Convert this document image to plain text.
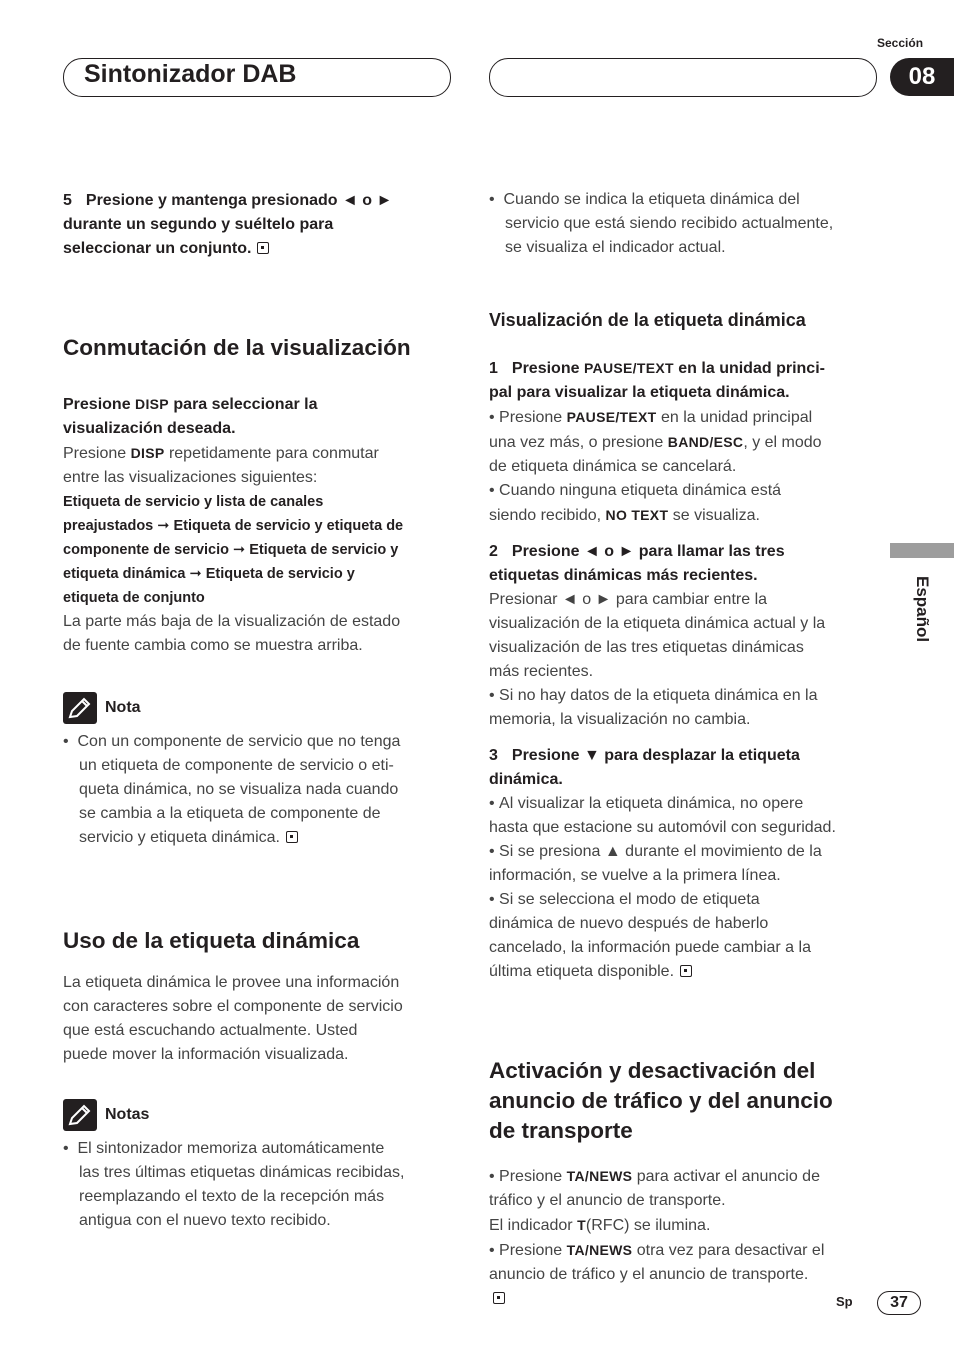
Sintonizador DAB
Sección
08

5 Presione y mantenga presionado ◄ o ►
durante un segundo y suéltelo para
seleccionar un conjunto.

Conmutación de la visualización

Presione DISP para seleccionar la
visualización deseada.

Presione DISP repetidamente para conmutar
entre las visualizaciones siguientes:

Etiqueta de servicio y lista de canales
preajustados ➞ Etiqueta de servicio y etiqueta de
componente de servicio ➞ Etiqueta de servicio y
etiqueta dinámica ➞ Etiqueta de servicio y
etiqueta de conjunto

La parte más baja de la visualización de estado
de fuente cambia como se muestra arriba.

Nota

•  Con un componente de servicio que no tenga
un etiqueta de componente de servicio o eti-
queta dinámica, no se visualiza nada cuando
se cambia a la etiqueta de componente de
servicio y etiqueta dinámica.

Uso de la etiqueta dinámica

La etiqueta dinámica le provee una información
con caracteres sobre el componente de servicio
que está escuchando actualmente. Usted
puede mover la información visualizada.

Notas

•  El sintonizador memoriza automáticamente
las tres últimas etiquetas dinámicas recibidas,
reemplazando el texto de la recepción más
antigua con el nuevo texto recibido.

•  Cuando se indica la etiqueta dinámica del
servicio que está siendo recibido actualmente,
se visualiza el indicador actual.

Visualización de la etiqueta dinámica

1 Presione PAUSE/TEXT en la unidad princi-
pal para visualizar la etiqueta dinámica.

• Presione PAUSE/TEXT en la unidad principal
una vez más, o presione BAND/ESC, y el modo
de etiqueta dinámica se cancelará.

• Cuando ninguna etiqueta dinámica está
siendo recibido, NO TEXT se visualiza.

2 Presione ◄ o ► para llamar las tres
etiquetas dinámicas más recientes.

Presionar ◄ o ► para cambiar entre la
visualización de la etiqueta dinámica actual y la
visualización de las tres etiquetas dinámicas
más recientes.

• Si no hay datos de la etiqueta dinámica en la
memoria, la visualización no cambia.

3 Presione ▼ para desplazar la etiqueta
dinámica.

• Al visualizar la etiqueta dinámica, no opere
hasta que estacione su automóvil con seguridad.

• Si se presiona ▲ durante el movimiento de la
información, se vuelve a la primera línea.

• Si se selecciona el modo de etiqueta
dinámica de nuevo después de haberlo
cancelado, la información puede cambiar a la
última etiqueta disponible.

Activación y desactivación del
anuncio de tráfico y del anuncio
de transporte

• Presione TA/NEWS para activar el anuncio de
tráfico y el anuncio de transporte.
El indicador T(RFC) se ilumina.

• Presione TA/NEWS otra vez para desactivar el
anuncio de tráfico y el anuncio de transporte.

Español
Sp	37
